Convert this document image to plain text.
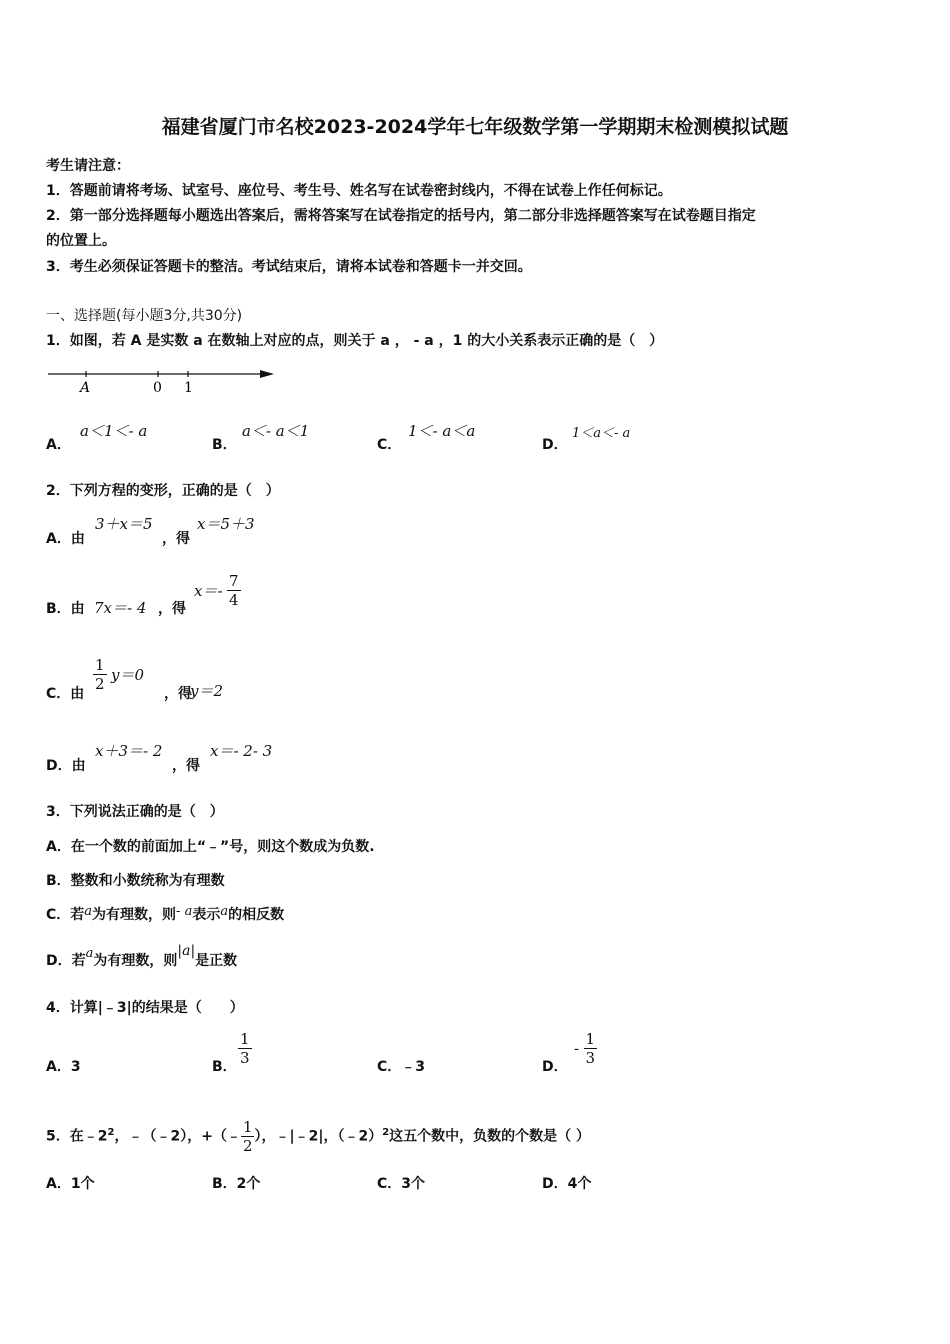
福建省厦门市名校2023-2024学年七年级数学第一学期期末检测模拟试题
考生请注意：
1．答题前请将考场、试室号、座位号、考生号、姓名写在试卷密封线内，不得在试卷上作任何标记。
2．第一部分选择题每小题选出答案后，需将答案写在试卷指定的括号内，第二部分非选择题答案写在试卷题目指定
的位置上。
3．考生必须保证答题卡的整洁。考试结束后，请将本试卷和答题卡一并交回。
一、选择题(每小题3分,共30分)
1．如图，若 A 是实数 a 在数轴上对应的点，则关于 a ， - a ，1 的大小关系表示正确的是（　）
A	0 1
A．
a＜1＜- a
B．
a＜- a＜1
C．
1＜- a＜a
D．
1＜a＜- a
2．下列方程的变形，正确的是（　）
A．由
3＋x＝5
，得
x＝5＋3
B．由 7x＝- 4 ，得
$x=- \frac{7}{4}$
C．由
$\frac{1}{2} y=0$
，得
y＝2
D．由
x＋3＝- 2
，得
x＝- 2- 3
3．下列说法正确的是（　）
A．在一个数的前面加上“﹣”号，则这个数成为负数.
B．整数和小数统称为有理数
C．若a为有理数，则- a表示a的相反数
D．若a为有理数，则|a|是正数
4．计算|﹣3|的结果是（　　）
A．3	B． $\frac{1}{3}$	C．﹣3	D．
- $\frac{1}{3}$
5．在$﹣2^2$，﹣（﹣2），+（﹣ $\frac{1}{2}$ ），﹣|﹣2|，（﹣2）$^2$这五个数中，负数的个数是（ ）
A．1个	B．2个	C．3个	D．4个
